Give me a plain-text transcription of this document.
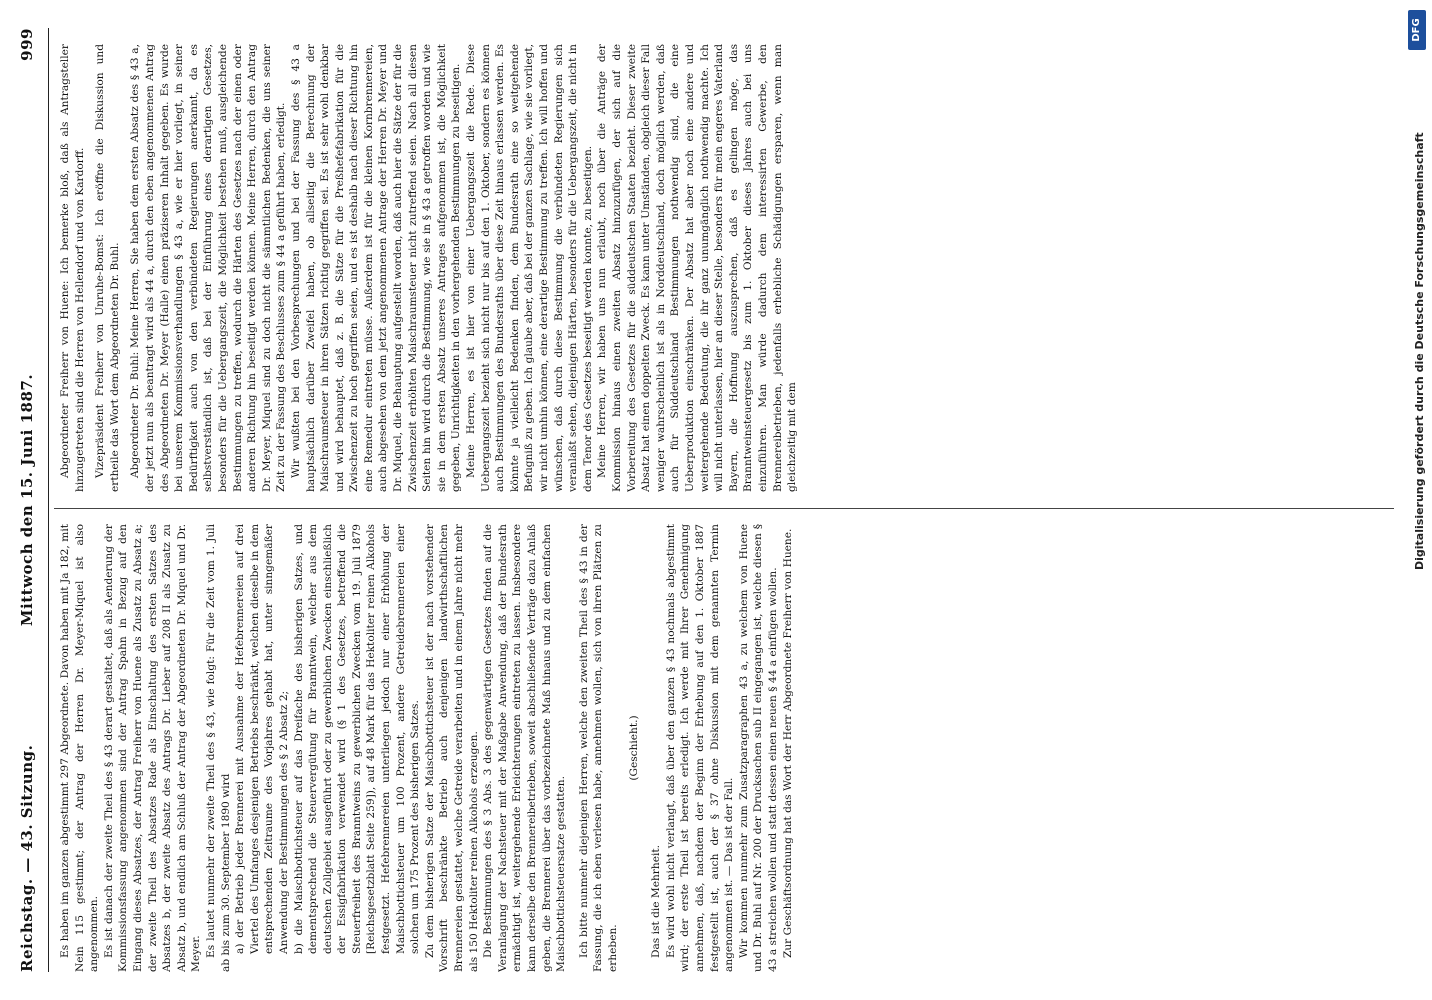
Reichstag. — 43. Sitzung.
Mittwoch den 15. Juni 1887.
999

Es haben im ganzen abgestimmt 297 Abgeordnete. Davon haben mit Ja 182, mit Nein 115 gestimmt; der Antrag der Herren Dr. Meyer-Miquel ist also angenommen. Es ist danach der zweite Theil des § 43 derart gestaltet, daß als Aenderung der Kommissionsfassung angenommen sind der Antrag Spahn in Bezug auf den Eingang dieses Absatzes, der Antrag Freiherr von Huene als Zusatz zu Absatz a; der zweite Theil des Absatzes Rade als Einschaltung des ersten Satzes des Absatzes b, der zweite Absatz des Antrags Dr. Lieber auf 208 II als Zusatz zu Absatz b, und endlich am Schluß der Antrag der Abgeordneten Dr. Miquel und Dr. Meyer. Es lautet nunmehr der zweite Theil des § 43, wie folgt: Für die Zeit vom 1. Juli ab bis zum 30. September 1890 wird a) der Betrieb jeder Brennerei mit Ausnahme der Hefebrennereien auf drei Viertel des Umfanges desjenigen Betriebs beschränkt, welchen dieselbe in dem entsprechenden Zeitraume des Vorjahres gehabt hat, unter sinngemäßer Anwendung der Bestimmungen des § 2 Absatz 2; b) die Maischbottichsteuer auf das Dreifache des bisherigen Satzes, und dementsprechend die Steuervergütung für Branntwein, welcher aus dem deutschen Zollgebiet ausgeführt oder zu gewerblichen Zwecken einschließlich der Essigfabrikation verwendet wird (§ 1 des Gesetzes, betreffend die Steuerfreiheit des Branntweins zu gewerblichen Zwecken vom 19. Juli 1879 [Reichsgesetzblatt Seite 259]), auf 48 Mark für das Hektoliter reinen Alkohols festgesetzt. Hefebrennereien unterliegen jedoch nur einer Erhöhung der Maischbottichsteuer um 100 Prozent, andere Getreidebrennereien einer solchen um 175 Prozent des bisherigen Satzes. Zu dem bisherigen Satze der Maischbottichsteuer ist der nach vorstehender Vorschrift beschränkte Betrieb auch denjenigen landwirthschaftlichen Brennereien gestattet, welche Getreide verarbeiten und in einem Jahre nicht mehr als 150 Hektoliter reinen Alkohols erzeugen. Die Bestimmungen des § 3 Abs. 3 des gegenwärtigen Gesetzes finden auf die Veranlagung der Nachsteuer mit der Maßgabe Anwendung, daß der Bundesrath ermächtigt ist, weitergehende Erleichterungen eintreten zu lassen. Insbesondere kann derselbe den Brennereibetrieben, soweit abschließende Verträge dazu Anlaß geben, die Brennerei über das vorbezeichnete Maß hinaus und zu dem einfachen Maischbottichsteuersatze gestatten. Ich bitte nunmehr diejenigen Herren, welche den zweiten Theil des § 43 in der Fassung, die ich eben verlesen habe, annehmen wollen, sich von ihren Plätzen zu erheben.

(Geschieht.)

Das ist die Mehrheit. Es wird wohl nicht verlangt, daß über den ganzen § 43 nochmals abgestimmt wird; der erste Theil ist bereits erledigt. Ich werde mit Ihrer Genehmigung annehmen, daß, nachdem der Beginn der Erhebung auf den 1. Oktober 1887 festgestellt ist, auch der § 37 ohne Diskussion mit dem genannten Termin angenommen ist. — Das ist der Fall. Wir kommen nunmehr zum Zusatzparagraphen 43 a, zu welchem von Huene und Dr. Buhl auf Nr. 200 der Drucksachen sub II eingegangen ist, welche diesen § 43 a streichen wollen und statt dessen einen neuen § 44 a einfügen wollen. Zur Geschäftsordnung hat das Wort der Herr Abgeordnete Freiherr von Huene.

Abgeordneter Freiherr von Huene: Ich bemerke bloß, daß als Antragsteller hinzugetreten sind die Herren von Hellendorf und von Kardorff. Vizepräsident Freiherr von Unruhe-Bomst: Ich eröffne die Diskussion und ertheile das Wort dem Abgeordneten Dr. Buhl. Abgeordneter Dr. Buhl: Meine Herren, Sie haben dem ersten Absatz des § 43 a, der jetzt nun als beantragt wird als 44 a, durch den eben angenommenen Antrag des Abgeordneten Dr. Meyer (Halle) einen präziseren Inhalt gegeben. Es wurde bei unserem Kommissionsverhandlungen § 43 a, wie er hier vorliegt, in seiner Bedürftigkeit auch von den verbündeten Regierungen anerkannt, da es selbstverständlich ist, daß bei der Einführung eines derartigen Gesetzes, besonders für die Uebergangszeit, die Möglichkeit bestehen muß, ausgleichende Bestimmungen zu treffen, wodurch die Härten des Gesetzes nach der einen oder anderen Richtung hin beseitigt werden können. Meine Herren, durch den Antrag Dr. Meyer, Miquel sind zu doch nicht die sämmtlichen Bedenken, die uns seiner Zeit zu der Fassung des Beschlusses zum § 44 a geführt haben, erledigt. Wir wußten bei den Vorbesprechungen und bei der Fassung des § 43 a hauptsächlich darüber Zweifel haben, ob allseitig die Berechnung der Maischraumsteuer in ihren Sätzen richtig gegriffen sei. Es ist sehr wohl denkbar und wird behauptet, daß z. B. die Sätze für die Preßhefefabrikation für die Zwischenzeit zu hoch gegriffen seien, und es ist deshalb nach dieser Richtung hin eine Remedur eintreten müsse. Außerdem ist für die kleinen Kornbrennereien, auch abgesehen von dem jetzt angenommenen Antrage der Herren Dr. Meyer und Dr. Miquel, die Behauptung aufgestellt worden, daß auch hier die Sätze der für die Zwischenzeit erhöhten Maischraumsteuer nicht zutreffend seien. Nach all diesen Seiten hin wird durch die Bestimmung, wie sie in § 43 a getroffen worden und wie sie in dem ersten Absatz unseres Antrages aufgenommen ist, die Möglichkeit gegeben, Unrichtigkeiten in den vorhergehenden Bestimmungen zu beseitigen. Meine Herren, es ist hier von einer Uebergangszeit die Rede. Diese Uebergangszeit bezieht sich nicht nur bis auf den 1. Oktober, sondern es können auch Bestimmungen des Bundesraths über diese Zeit hinaus erlassen werden. Es könnte ja vielleicht Bedenken finden, dem Bundesrath eine so weitgehende Befugniß zu geben. Ich glaube aber, daß bei der ganzen Sachlage, wie sie vorliegt, wir nicht umhin können, eine derartige Bestimmung zu treffen. Ich will hoffen und wünschen, daß durch diese Bestimmung die verbündeten Regierungen sich veranlaßt sehen, diejenigen Härten, besonders für die Uebergangszeit, die nicht in dem Tenor des Gesetzes beseitigt werden konnte, zu beseitigen. Meine Herren, wir haben uns nun erlaubt, noch über die Anträge der Kommission hinaus einen zweiten Absatz hinzuzufügen, der sich auf die Vorbereitung des Gesetzes für die süddeutschen Staaten bezieht. Dieser zweite Absatz hat einen doppelten Zweck. Es kann unter Umständen, obgleich dieser Fall weniger wahrscheinlich ist als in Norddeutschland, doch möglich werden, daß auch für Süddeutschland Bestimmungen nothwendig sind, die eine Ueberproduktion einschränken. Der Absatz hat aber noch eine andere und weitergehende Bedeutung, die ihr ganz unumgänglich nothwendig machte. Ich will nicht unterlassen, hier an dieser Stelle, besonders für mein engeres Vaterland Bayern, die Hoffnung auszusprechen, daß es gelingen möge, das Branntweinsteuergesetz bis zum 1. Oktober dieses Jahres auch bei uns einzuführen. Man würde dadurch dem interessirten Gewerbe, den Brennereibetrieben, jedenfalls erhebliche Schädigungen ersparen, wenn man gleichzeitig mit dem	Digitalisierung gefördert durch die Deutsche Forschungsgemeinschaft
DFG
